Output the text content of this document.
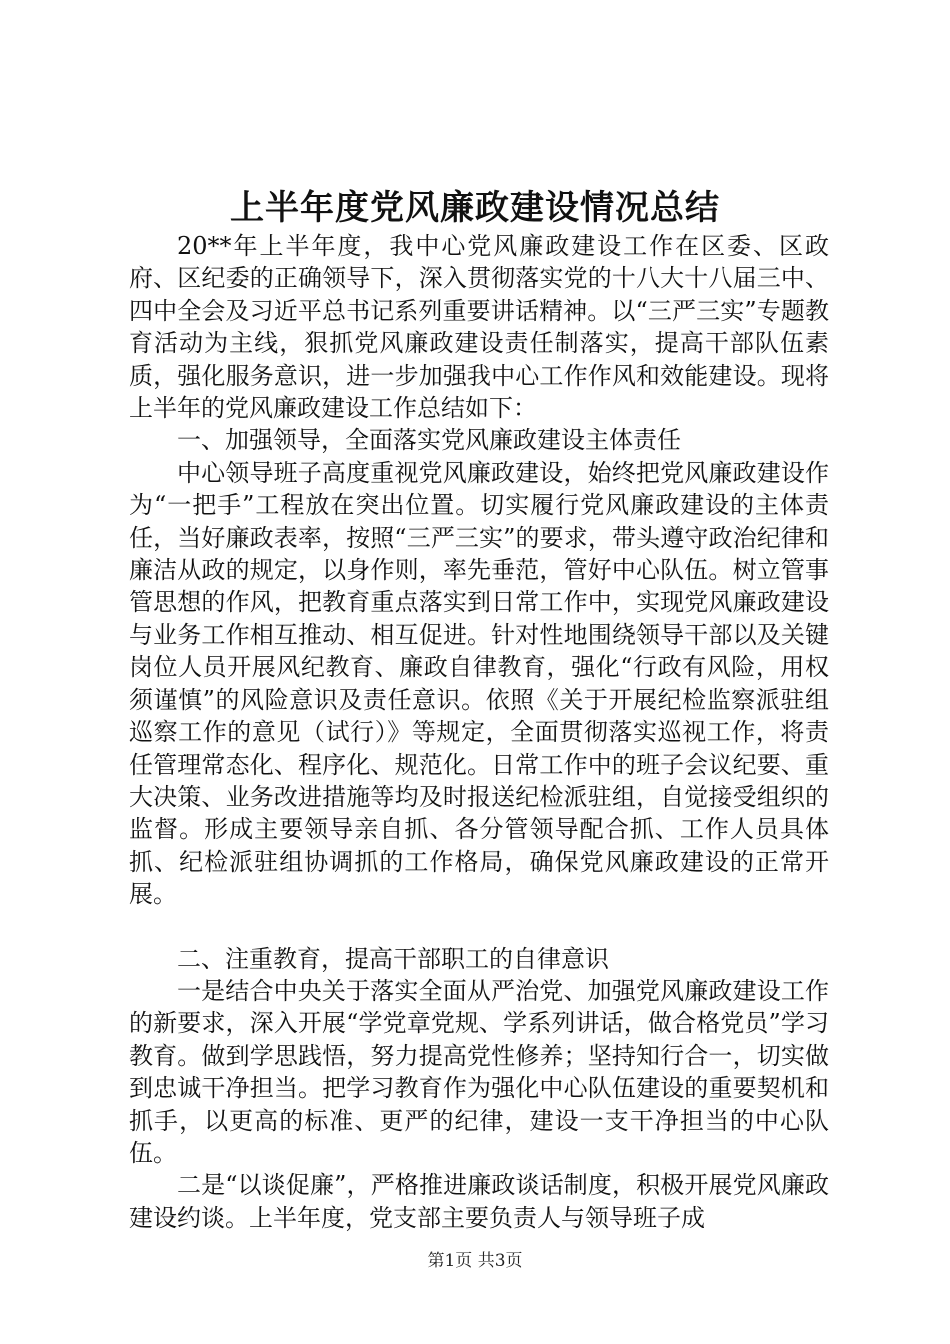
上半年度党风廉政建设情况总结

20**年上半年度，我中心党风廉政建设工作在区委、区政府、区纪委的正确领导下，深入贯彻落实党的十八大十八届三中、四中全会及习近平总书记系列重要讲话精神。以“三严三实”专题教育活动为主线，狠抓党风廉政建设责任制落实，提高干部队伍素质，强化服务意识，进一步加强我中心工作作风和效能建设。现将上半年的党风廉政建设工作总结如下：

一、加强领导，全面落实党风廉政建设主体责任

中心领导班子高度重视党风廉政建设，始终把党风廉政建设作为“一把手”工程放在突出位置。切实履行党风廉政建设的主体责任，当好廉政表率，按照“三严三实”的要求，带头遵守政治纪律和廉洁从政的规定，以身作则，率先垂范，管好中心队伍。树立管事管思想的作风，把教育重点落实到日常工作中，实现党风廉政建设与业务工作相互推动、相互促进。针对性地围绕领导干部以及关键岗位人员开展风纪教育、廉政自律教育，强化“行政有风险，用权须谨慎”的风险意识及责任意识。依照《关于开展纪检监察派驻组巡察工作的意见（试行）》等规定，全面贯彻落实巡视工作，将责任管理常态化、程序化、规范化。日常工作中的班子会议纪要、重大决策、业务改进措施等均及时报送纪检派驻组，自觉接受组织的监督。形成主要领导亲自抓、各分管领导配合抓、工作人员具体抓、纪检派驻组协调抓的工作格局，确保党风廉政建设的正常开展。

二、注重教育，提高干部职工的自律意识

一是结合中央关于落实全面从严治党、加强党风廉政建设工作的新要求，深入开展“学党章党规、学系列讲话，做合格党员”学习教育。做到学思践悟，努力提高党性修养；坚持知行合一，切实做到忠诚干净担当。把学习教育作为强化中心队伍建设的重要契机和抓手，以更高的标准、更严的纪律，建设一支干净担当的中心队伍。

二是“以谈促廉”，严格推进廉政谈话制度，积极开展党风廉政建设约谈。上半年度，党支部主要负责人与领导班子成

第1页 共3页
